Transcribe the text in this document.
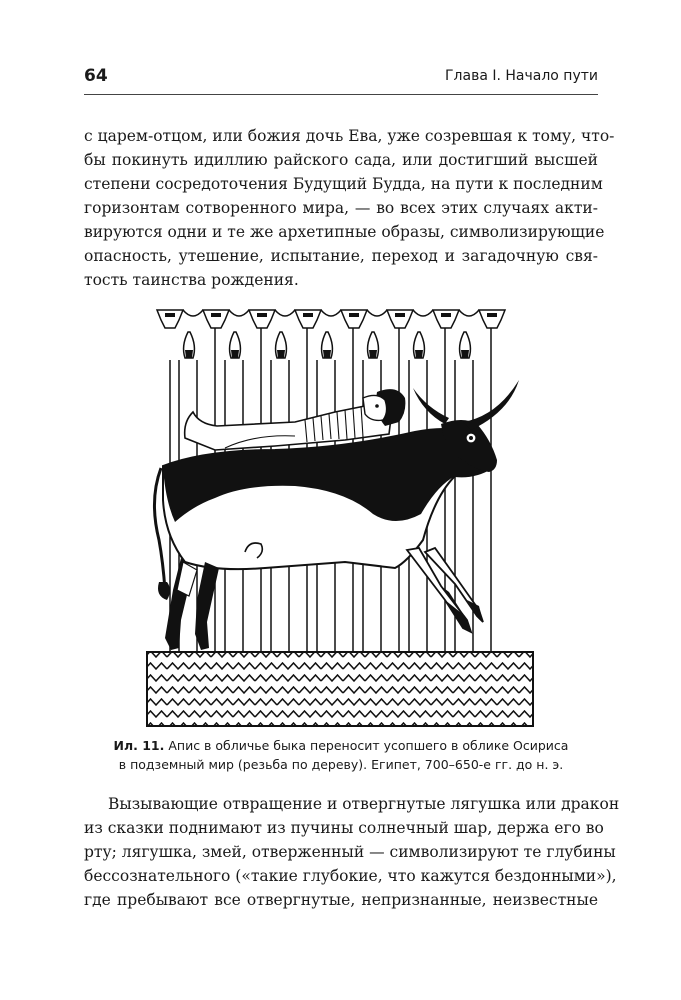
64	Глава I. Начало пути
с царем-отцом, или божия дочь Ева, уже созревшая к тому, что-
бы покинуть идиллию райского сада, или достигший высшей
степени сосредоточения Будущий Будда, на пути к последним
горизонтам сотворенного мира, — во всех этих случаях акти-
вируются одни и те же архетипные образы, символизирующие
опасность, утешение, испытание, переход и загадочную свя-
тость таинства рождения.
Ил. 11. Апис в обличье быка переносит усопшего в облике Осириса
в подземный мир (резьба по дереву). Египет, 700–650-е гг. до н. э.
Вызывающие отвращение и отвергнутые лягушка или дракон
из сказки поднимают из пучины солнечный шар, держа его во
рту; лягушка, змей, отверженный — символизируют те глубины
бессознательного («такие глубокие, что кажутся бездонными»),
где пребывают все отвергнутые, непризнанные, неизвестные
